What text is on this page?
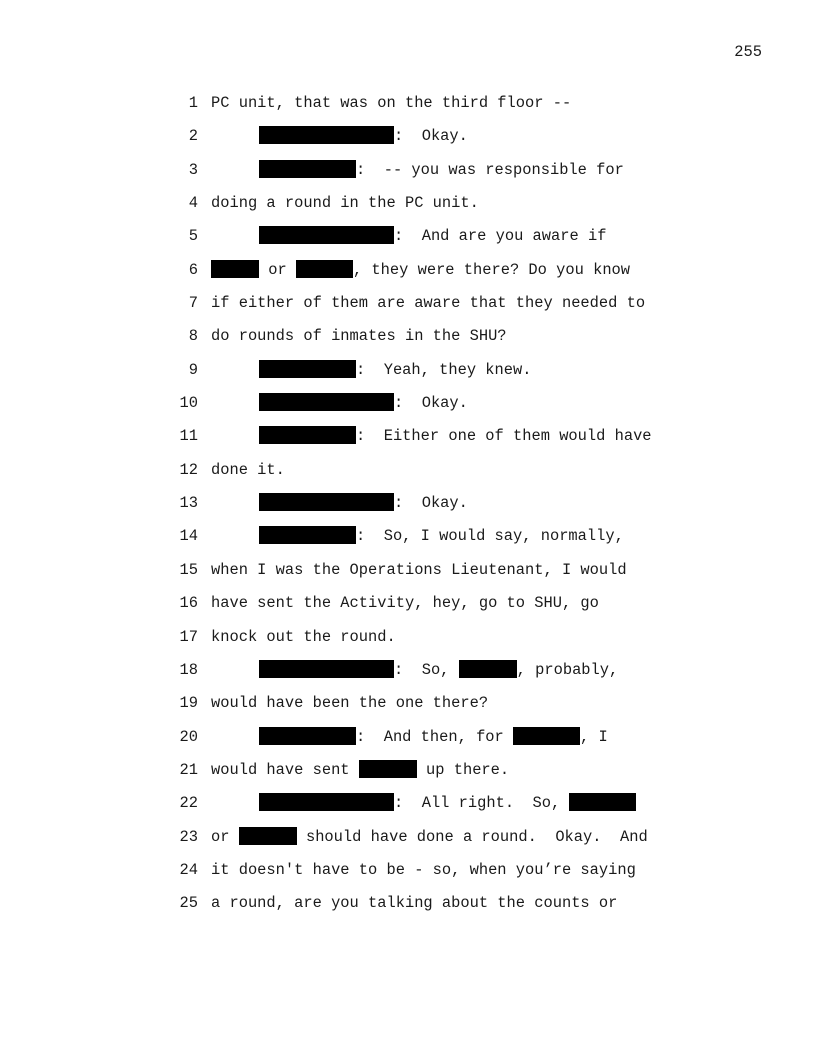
255
1 PC unit, that was on the third floor --
2	:  Okay.
3	:  -- you was responsible for
4 doing a round in the PC unit.
5	:  And are you aware if
6	or	, they were there? Do you know
7 if either of them are aware that they needed to
8 do rounds of inmates in the SHU?
9	:  Yeah, they knew.
10	:  Okay.
11	:  Either one of them would have
12 done it.
13	:  Okay.
14	:  So, I would say, normally,
15 when I was the Operations Lieutenant, I would
16 have sent the Activity, hey, go to SHU, go
17 knock out the round.
18	:  So,	, probably,
19 would have been the one there?
20	:  And then, for	, I
21 would have sent	up there.
22	:  All right.  So,
23 or	should have done a round.  Okay.  And
24 it doesn't have to be - so, when you’re saying
25 a round, are you talking about the counts or
